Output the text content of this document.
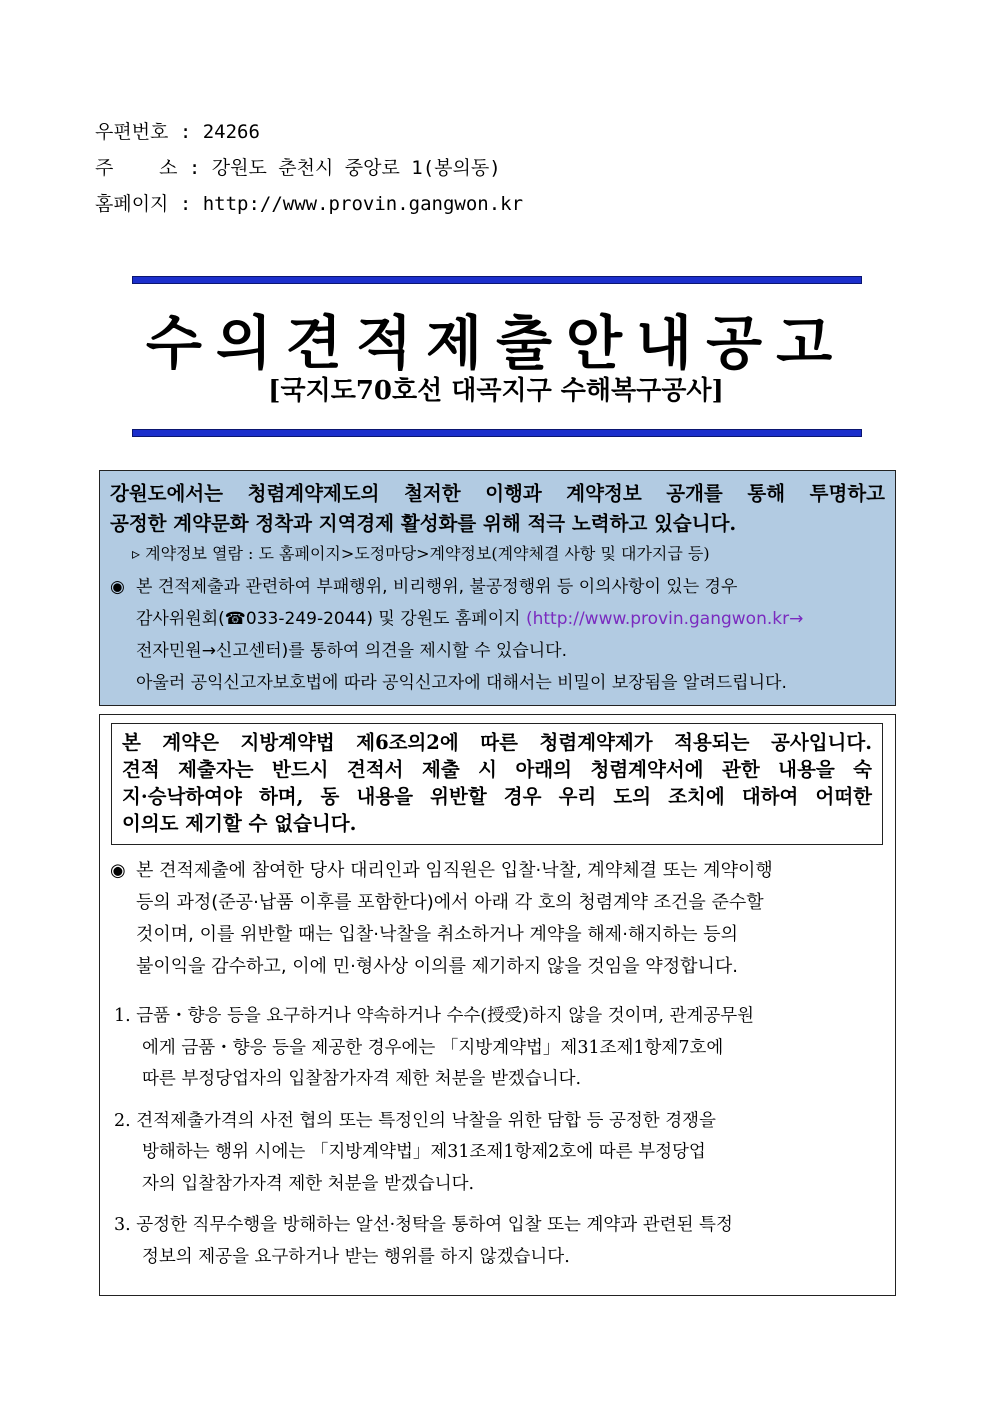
우편번호 : 24266
주    소 : 강원도 춘천시 중앙로 1(봉의동)
홈페이지 : http://www.provin.gangwon.kr
수의견적제출안내공고
[국지도70호선 대곡지구 수해복구공사]
강원도에서는 청렴계약제도의 철저한 이행과 계약정보 공개를 통해 투명하고
공정한 계약문화 정착과 지역경제 활성화를 위해 적극 노력하고 있습니다.
▹ 계약정보 열람 : 도 홈페이지>도정마당>계약정보(계약체결 사항 및 대가지급 등)
◉ 본 견적제출과 관련하여 부패행위, 비리행위, 불공정행위 등 이의사항이 있는 경우
감사위원회(☎033-249-2044) 및 강원도 홈페이지 (http://www.provin.gangwon.kr→
전자민원→신고센터)를 통하여 의견을 제시할 수 있습니다.
아울러 공익신고자보호법에 따라 공익신고자에 대해서는 비밀이 보장됨을 알려드립니다.
본 계약은 지방계약법 제6조의2에 따른 청렴계약제가 적용되는 공사입니다.
견적 제출자는 반드시 견적서 제출 시 아래의 청렴계약서에 관한 내용을 숙
지·승낙하여야 하며, 동 내용을 위반할 경우 우리 도의 조치에 대하여 어떠한
이의도 제기할 수 없습니다.
◉ 본 견적제출에 참여한 당사 대리인과 임직원은 입찰·낙찰, 계약체결 또는 계약이행
등의 과정(준공·납품 이후를 포함한다)에서 아래 각 호의 청렴계약 조건을 준수할
것이며, 이를 위반할 때는 입찰·낙찰을 취소하거나 계약을 해제·해지하는 등의
불이익을 감수하고, 이에 민·형사상 이의를 제기하지 않을 것임을 약정합니다.
1. 금품・향응 등을 요구하거나 약속하거나 수수(授受)하지 않을 것이며, 관계공무원
에게 금품・향응 등을 제공한 경우에는 「지방계약법」제31조제1항제7호에
따른 부정당업자의 입찰참가자격 제한 처분을 받겠습니다.
2. 견적제출가격의 사전 협의 또는 특정인의 낙찰을 위한 담합 등 공정한 경쟁을
방해하는 행위 시에는 「지방계약법」제31조제1항제2호에 따른 부정당업
자의 입찰참가자격 제한 처분을 받겠습니다.
3. 공정한 직무수행을 방해하는 알선·청탁을 통하여 입찰 또는 계약과 관련된 특정
정보의 제공을 요구하거나 받는 행위를 하지 않겠습니다.
